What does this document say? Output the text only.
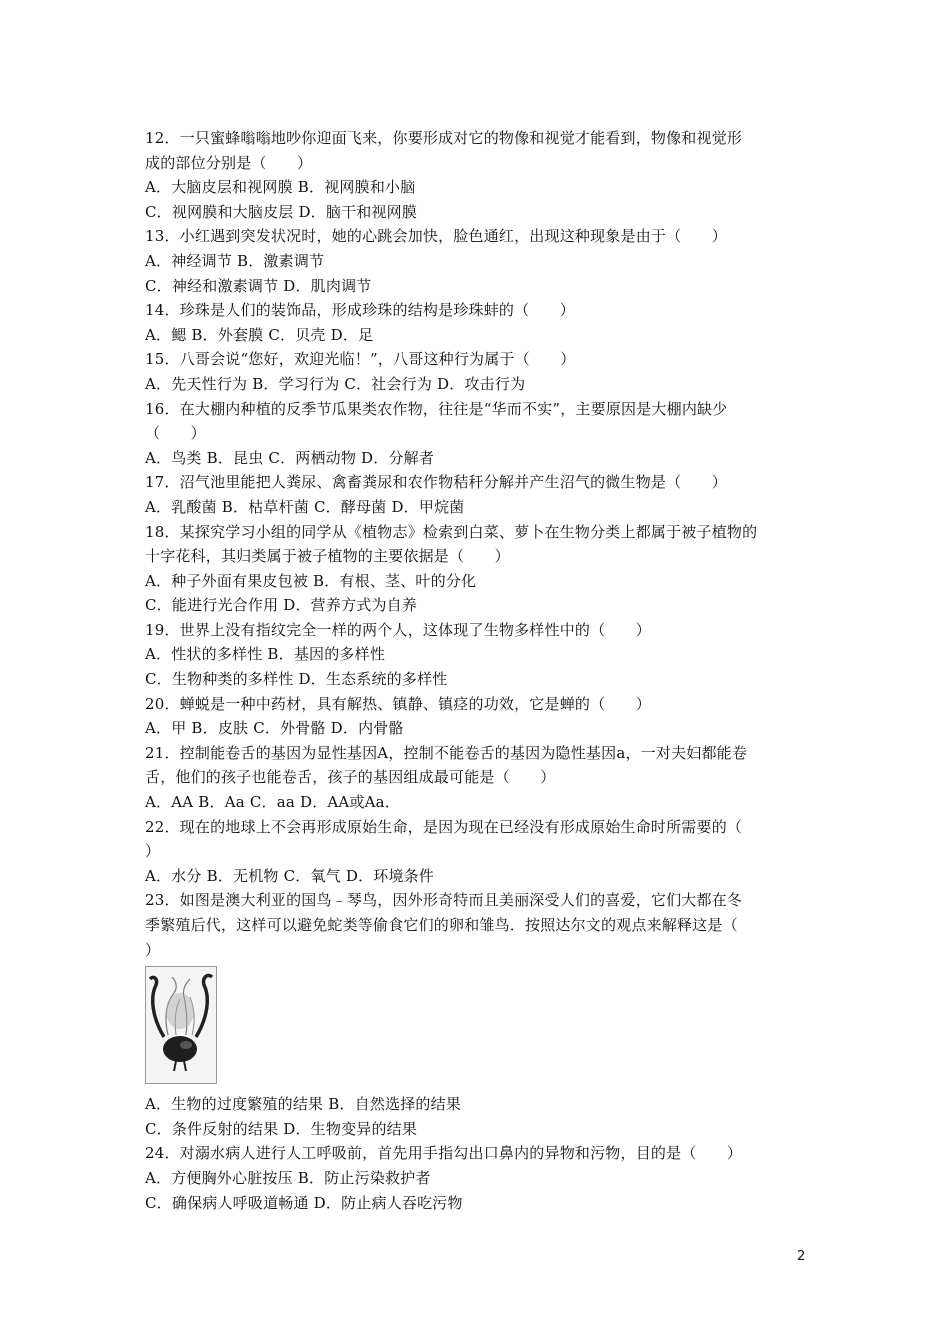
12．一只蜜蜂嗡嗡地吵你迎面飞来，你要形成对它的物像和视觉才能看到，物像和视觉形
成的部位分别是（　　）
A．大脑皮层和视网膜 B．视网膜和小脑
C．视网膜和大脑皮层 D．脑干和视网膜
13．小红遇到突发状况时，她的心跳会加快，脸色通红，出现这种现象是由于（　　）
A．神经调节 B．激素调节
C．神经和激素调节 D．肌肉调节
14．珍珠是人们的装饰品，形成珍珠的结构是珍珠蚌的（　　）
A．鳃 B．外套膜 C．贝壳 D．足
15．八哥会说“您好，欢迎光临！”，八哥这种行为属于（　　）
A．先天性行为 B．学习行为 C．社会行为 D．攻击行为
16．在大棚内种植的反季节瓜果类农作物，往往是“华而不实”，主要原因是大棚内缺少
（　　）
A．鸟类 B．昆虫 C．两栖动物 D．分解者
17．沼气池里能把人粪尿、禽畜粪尿和农作物秸秆分解并产生沼气的微生物是（　　）
A．乳酸菌 B．枯草杆菌 C．酵母菌 D．甲烷菌
18．某探究学习小组的同学从《植物志》检索到白菜、萝卜在生物分类上都属于被子植物的
十字花科，其归类属于被子植物的主要依据是（　　）
A．种子外面有果皮包被 B．有根、茎、叶的分化
C．能进行光合作用 D．营养方式为自养
19．世界上没有指纹完全一样的两个人，这体现了生物多样性中的（　　）
A．性状的多样性 B．基因的多样性
C．生物种类的多样性 D．生态系统的多样性
20．蝉蜕是一种中药材，具有解热、镇静、镇痉的功效，它是蝉的（　　）
A．甲 B．皮肤 C．外骨骼 D．内骨骼
21．控制能卷舌的基因为显性基因A，控制不能卷舌的基因为隐性基因a，一对夫妇都能卷
舌，他们的孩子也能卷舌，孩子的基因组成最可能是（　　）
A．AA B．Aa C．aa D．AA或Aa．
22．现在的地球上不会再形成原始生命，是因为现在已经没有形成原始生命时所需要的（
）
A．水分 B．无机物 C．氧气 D．环境条件
23．如图是澳大利亚的国鸟﹣琴鸟，因外形奇特而且美丽深受人们的喜爱，它们大都在冬
季繁殖后代，这样可以避免蛇类等偷食它们的卵和雏鸟．按照达尔文的观点来解释这是（
）
A．生物的过度繁殖的结果 B．自然选择的结果
C．条件反射的结果 D．生物变异的结果
24．对溺水病人进行人工呼吸前，首先用手指勾出口鼻内的异物和污物，目的是（　　）
A．方便胸外心脏按压 B．防止污染救护者
C．确保病人呼吸道畅通 D．防止病人吞吃污物
2
